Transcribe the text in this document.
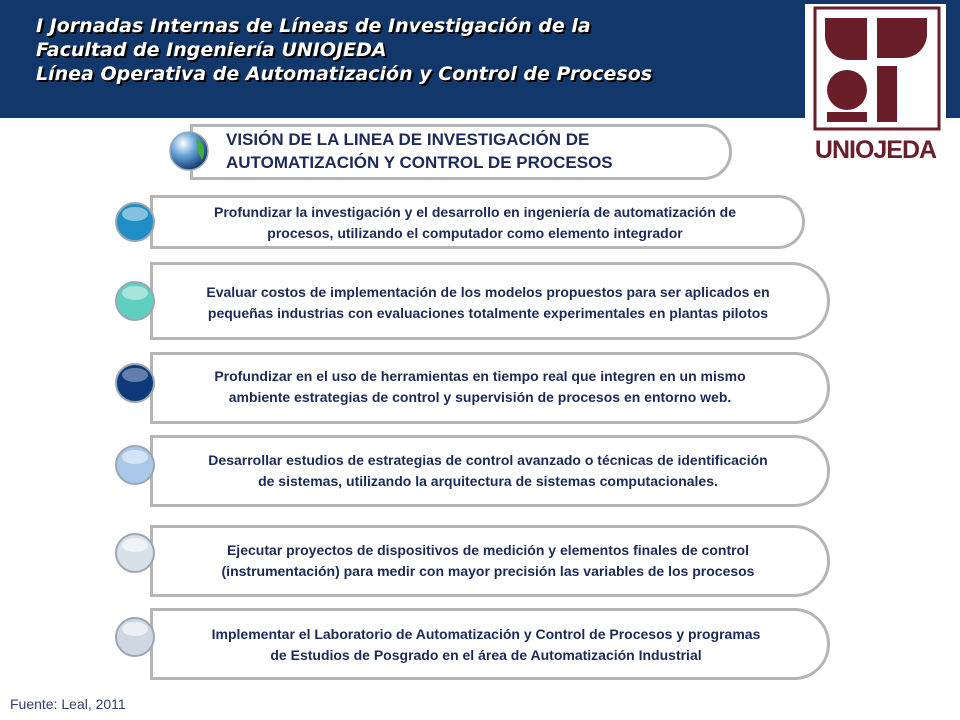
I Jornadas Internas de Líneas de Investigación de la
Facultad de Ingeniería UNIOJEDA
Línea Operativa de Automatización y Control de Procesos
UNIOJEDA
VISIÓN DE LA LINEA DE INVESTIGACIÓN DE
AUTOMATIZACIÓN Y CONTROL DE PROCESOS
Profundizar la investigación y el desarrollo en ingeniería de automatización de
procesos, utilizando el computador como elemento integrador
Evaluar costos de implementación de los modelos propuestos para ser aplicados en
pequeñas industrias con evaluaciones totalmente experimentales en plantas pilotos
Profundizar en el uso de herramientas en tiempo real que integren en un mismo
ambiente estrategias de control y supervisión de procesos en entorno web.
Desarrollar estudios de estrategias de control avanzado o técnicas de identificación
de sistemas, utilizando la arquitectura de sistemas computacionales.
Ejecutar proyectos de dispositivos de medición y elementos finales de control
(instrumentación) para medir con mayor precisión las variables de los procesos
Implementar el Laboratorio de Automatización y Control de Procesos y programas
de Estudios de Posgrado en el área de Automatización Industrial
Fuente: Leal, 2011
